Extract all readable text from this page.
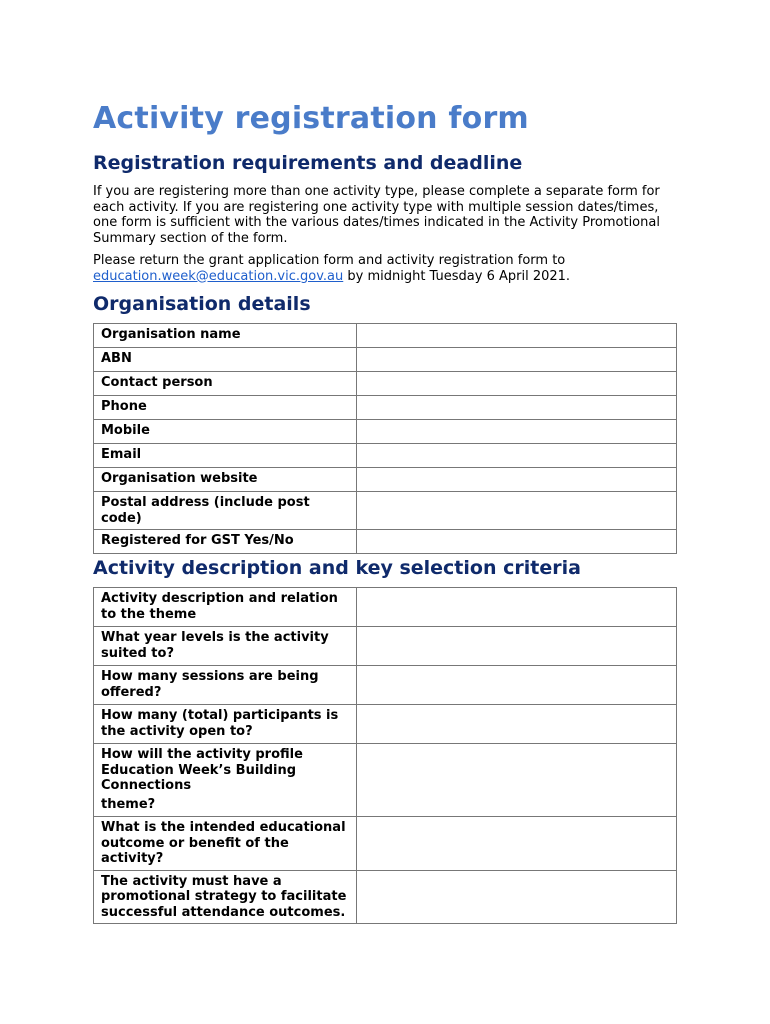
Activity registration form
Registration requirements and deadline

If you are registering more than one activity type, please complete a separate form for each activity. If you are registering one activity type with multiple session dates/times, one form is sufficient with the various dates/times indicated in the Activity Promotional Summary section of the form.

Please return the grant application form and activity registration form to
education.week@education.vic.gov.au by midnight Tuesday 6 April 2021.

Organisation details
Organisation name	
ABN	
Contact person	
Phone	
Mobile	
Email	
Organisation website	
Postal address (include post code)	
Registered for GST Yes/No	
Activity description and key selection criteria
Activity description and relation to the theme	
What year levels is the activity suited to?	
How many sessions are being offered?	
How many (total) participants is the activity open to?	

How will the activity profile Education Week’s Building Connections
theme?	

What is the intended educational outcome or benefit of the activity?	
The activity must have a promotional strategy to facilitate successful attendance outcomes.	
